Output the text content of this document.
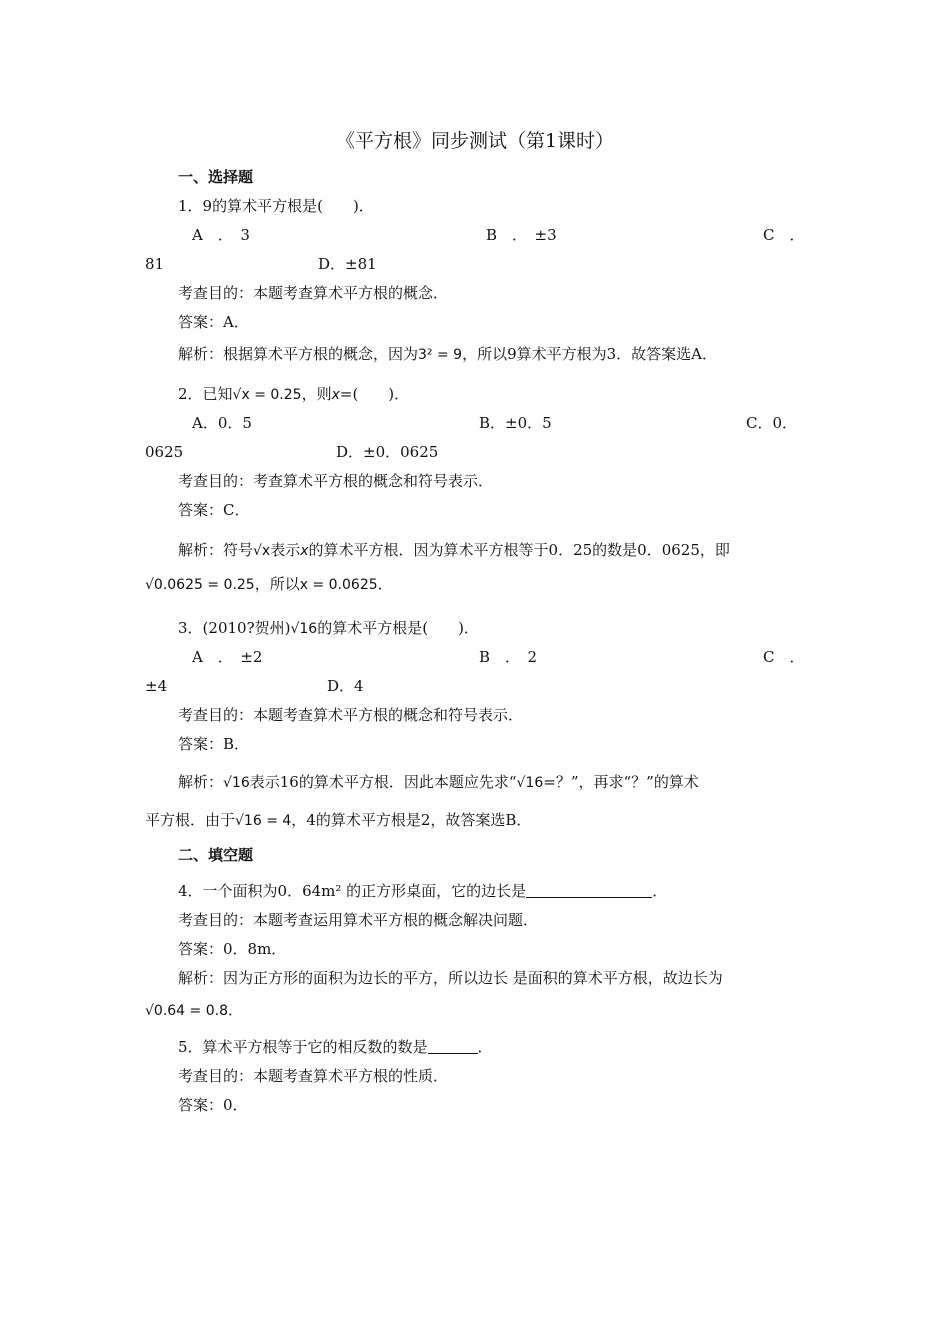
《平方根》同步测试（第1课时）
一、选择题
1．9的算术平方根是(　　)．
A　．　3	B　．　±3	C　．
81	D．±81
考查目的：本题考查算术平方根的概念．
答案：A．
解析：根据算术平方根的概念，因为3² = 9，所以9算术平方根为3．故答案选A．
2．已知√x = 0.25，则x=(　　)．
A．0．5	B．±0．5	C．0．
0625	D．±0．0625
考查目的：考查算术平方根的概念和符号表示．
答案：C．
解析：符号√x表示x的算术平方根．因为算术平方根等于0．25的数是0．0625，即
√0.0625 = 0.25，所以x = 0.0625．
3．(2010?贺州)√16的算术平方根是(　　)．
A　．　±2	B　．　2	C　．
±4	D．4
考查目的：本题考查算术平方根的概念和符号表示．
答案：B．
解析：√16表示16的算术平方根．因此本题应先求“√16=？”，再求“？”的算术
平方根．由于√16 = 4，4的算术平方根是2，故答案选B．
二、填空题
4．一个面积为0．64m² 的正方形桌面，它的边长是	．
考查目的：本题考查运用算术平方根的概念解决问题．
答案：0．8m．
解析：因为正方形的面积为边长的平方，所以边长 是面积的算术平方根，故边长为
√0.64 = 0.8．
5．算术平方根等于它的相反数的数是	．
考查目的：本题考查算术平方根的性质．
答案：0．
